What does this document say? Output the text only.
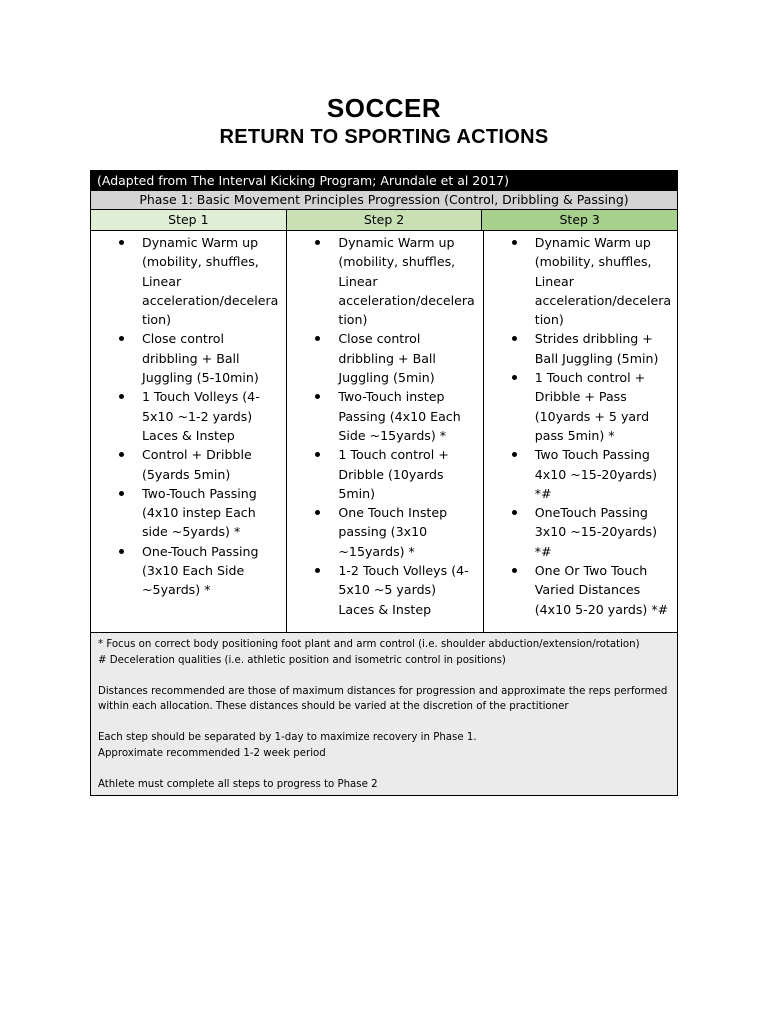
SOCCER
RETURN TO SPORTING ACTIONS
(Adapted from The Interval Kicking Program; Arundale et al 2017)
Phase 1: Basic Movement Principles Progression (Control, Dribbling & Passing)
Step 1	Step 2	Step 3
Dynamic Warm up (mobility, shuffles, Linear acceleration/decelera tion)
Close control dribbling + Ball Juggling (5-10min)
1 Touch Volleys (4-5x10 ~1-2 yards) Laces & Instep
Control + Dribble (5yards 5min)
Two-Touch Passing (4x10 instep Each side ~5yards) *
One-Touch Passing (3x10 Each Side ~5yards) *
Dynamic Warm up (mobility, shuffles, Linear acceleration/decelera tion)
Close control dribbling + Ball Juggling (5min)
Two-Touch instep Passing (4x10 Each Side ~15yards) *
1 Touch control + Dribble (10yards 5min)
One Touch Instep passing (3x10 ~15yards) *
1-2 Touch Volleys (4-5x10 ~5 yards) Laces & Instep
Dynamic Warm up (mobility, shuffles, Linear acceleration/decelera tion)
Strides dribbling + Ball Juggling (5min)
1 Touch control + Dribble + Pass (10yards + 5 yard pass 5min) *
Two Touch Passing 4x10 ~15-20yards) *#
OneTouch Passing 3x10 ~15-20yards) *#
One Or Two Touch Varied Distances (4x10 5-20 yards) *#

* Focus on correct body positioning foot plant and arm control (i.e. shoulder abduction/extension/rotation)

# Deceleration qualities (i.e. athletic position and isometric control in positions)

Distances recommended are those of maximum distances for progression and approximate the reps performed within each allocation. These distances should be varied at the discretion of the practitioner

Each step should be separated by 1-day to maximize recovery in Phase 1.

Approximate recommended 1-2 week period

Athlete must complete all steps to progress to Phase 2
